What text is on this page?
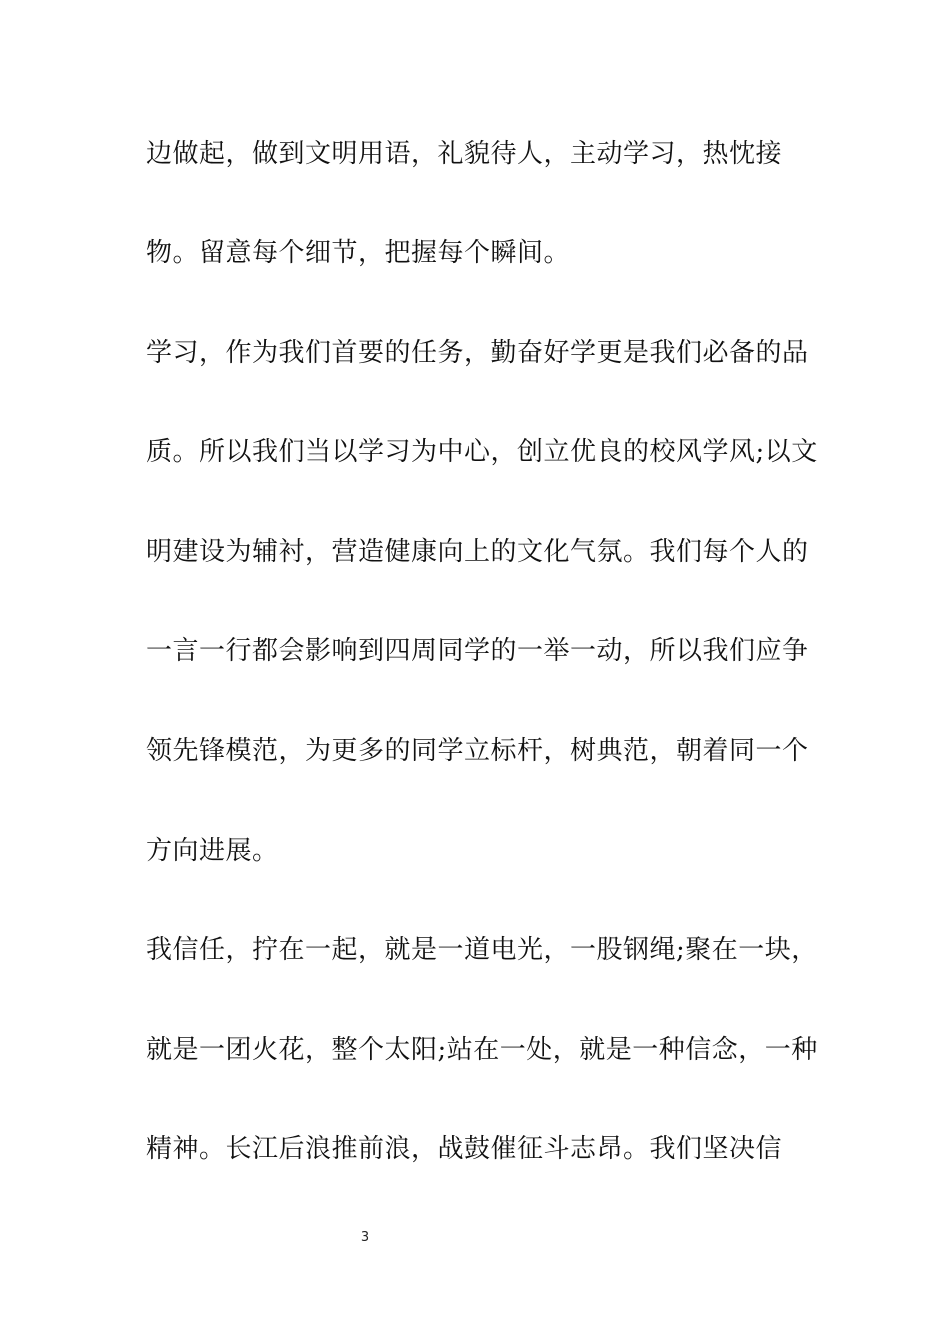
边做起，做到文明用语，礼貌待人，主动学习，热忱接
物。留意每个细节，把握每个瞬间。
学习，作为我们首要的任务，勤奋好学更是我们必备的品
质。所以我们当以学习为中心，创立优良的校风学风;以文
明建设为辅衬，营造健康向上的文化气氛。我们每个人的
一言一行都会影响到四周同学的一举一动，所以我们应争
领先锋模范，为更多的同学立标杆，树典范，朝着同一个
方向进展。
我信任，拧在一起，就是一道电光，一股钢绳;聚在一块，
就是一团火花，整个太阳;站在一处，就是一种信念，一种
精神。长江后浪推前浪，战鼓催征斗志昂。我们坚决信
3
